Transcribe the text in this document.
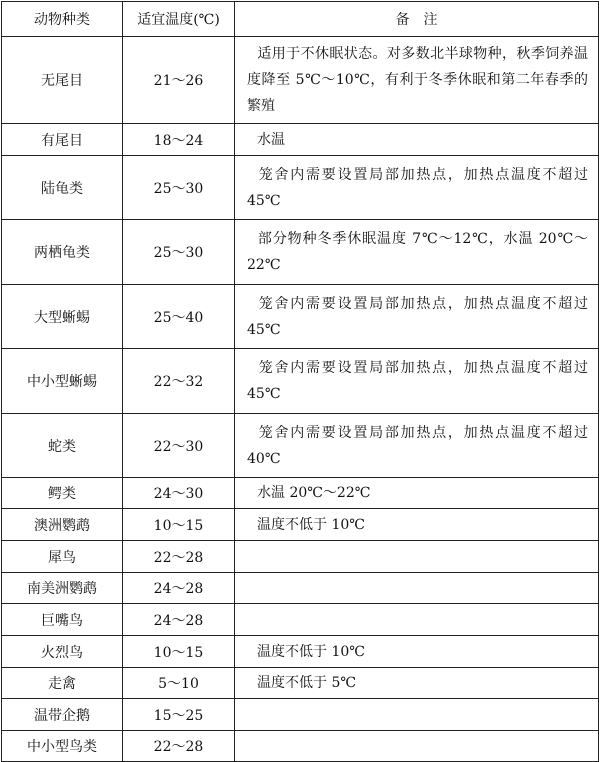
动物种类	适宜温度(℃)	备　注
无尾目	21～26	适用于不休眠状态。对多数北半球物种，秋季饲养温度降至 5℃～10℃，有利于冬季休眠和第二年春季的繁殖
有尾目	18～24	水温
陆龟类	25～30	笼舍内需要设置局部加热点，加热点温度不超过 45℃
两栖龟类	25～30	部分物种冬季休眠温度 7℃～12℃，水温 20℃～22℃
大型蜥蜴	25～40	笼舍内需要设置局部加热点，加热点温度不超过 45℃
中小型蜥蜴	22～32	笼舍内需要设置局部加热点，加热点温度不超过 45℃
蛇类	22～30	笼舍内需要设置局部加热点，加热点温度不超过 40℃
鳄类	24～30	水温 20℃～22℃
澳洲鹦鹉	10～15	温度不低于 10℃
犀鸟	22～28	
南美洲鹦鹉	24～28	
巨嘴鸟	24～28	
火烈鸟	10～15	温度不低于 10℃
走禽	5～10	温度不低于 5℃
温带企鹅	15～25	
中小型鸟类	22～28	
